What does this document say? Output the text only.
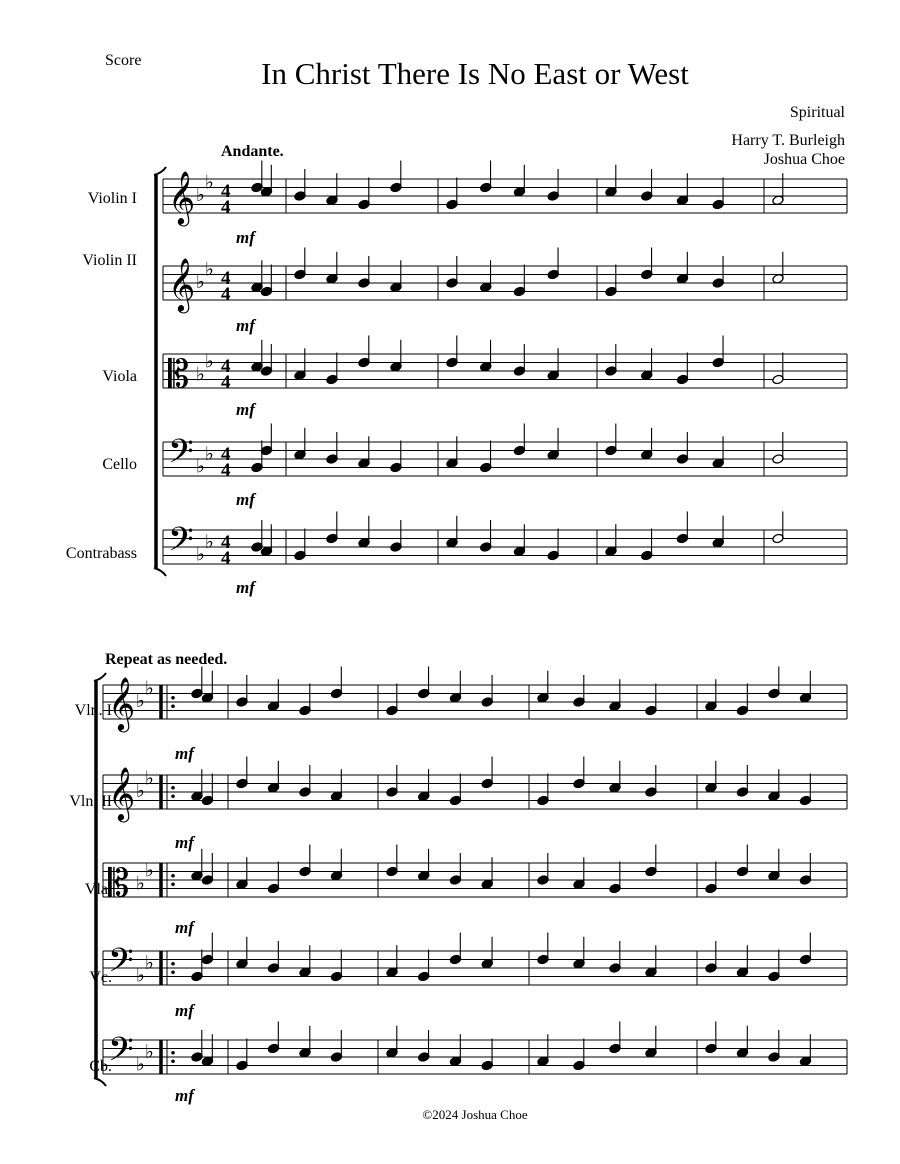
Score	In Christ There Is No East or West
Spiritual
Harry T. Burleigh
Joshua Choe
Andante.
Repeat as needed.
Violin I
Violin II
Viola
Cello
Contrabass
Vln. I
Vln. II
Vla.
Vc.
Cb.
4
4
4
4
4
4
4
4
4
4
mf
mf
mf
mf
mf
mf
mf
mf
mf
mf
©2024 Joshua Choe
𝄞
𝄞
𝄡
𝄢
𝄢
𝄞
𝄞
𝄡
𝄢
𝄢
♭
♭
♭
♭
♭
♭
♭
♭
♭
♭
♭
♭
♭
♭
♭
♭
♭
♭
♭
♭
